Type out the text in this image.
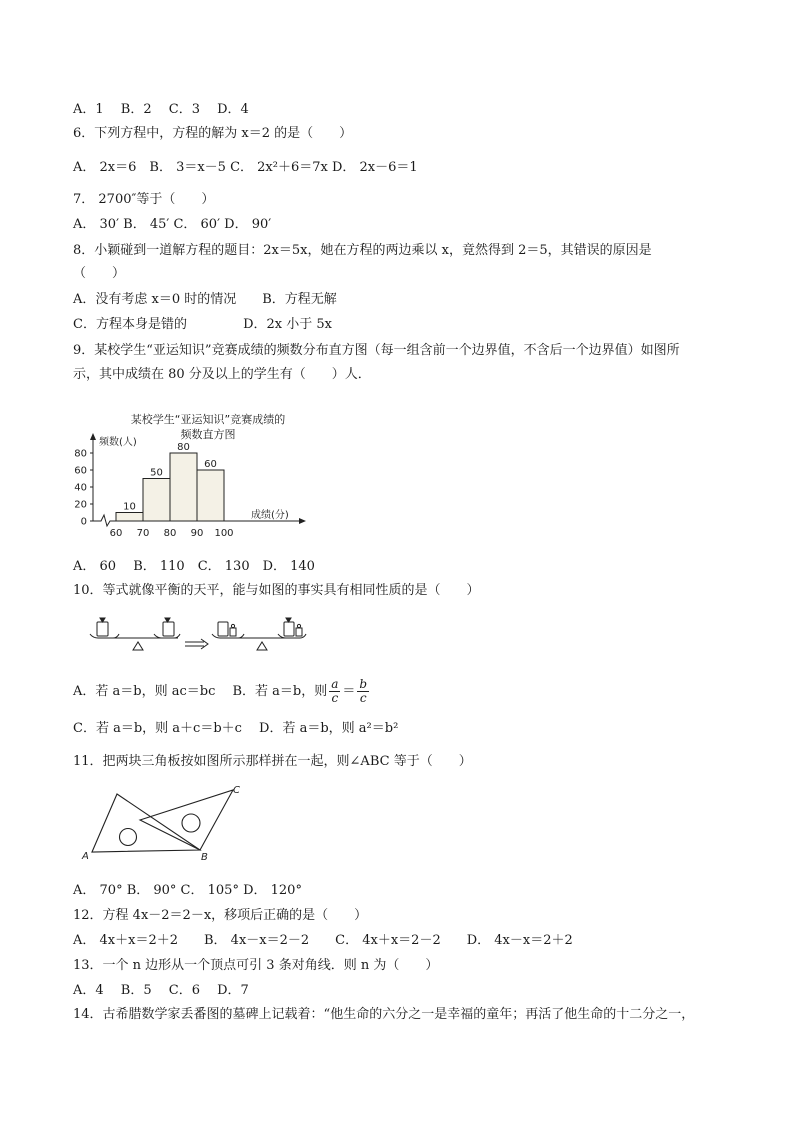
A．1　 B．2　 C．3　 D．4
6．下列方程中，方程的解为 x＝2 的是（　　）
A． 2x＝6　B． 3＝x－5 C． 2x²＋6＝7x D． 2x－6＝1
7． 2700″等于（　　）
A． 30′ B． 45′ C． 60′ D． 90′
8．小颖碰到一道解方程的题目：2x＝5x，她在方程的两边乘以 x，竟然得到 2＝5，其错误的原因是
（　　）
A．没有考虑 x＝0 时的情况　　B．方程无解
C．方程本身是错的　　　　 D．2x 小于 5x
9．某校学生“亚运知识”竞赛成绩的频数分布直方图（每一组含前一个边界值，不含后一个边界值）如图所
示，其中成绩在 80 分及以上的学生有（　　）人．
某校学生“亚运知识”竞赛成绩的
频数直方图
频数(人)
成绩(分)
0
20
40
60
80
60 70 80 90 100
10
50
80
60
A． 60　 B． 110　C． 130　D． 140
10．等式就像平衡的天平，能与如图的事实具有相同性质的是（　　）
A．若 a＝b，则 ac＝bc　 B．若 a＝b，则 $\frac{a}{c} = \frac{b}{c}$
C．若 a＝b，则 a＋c＝b＋c　 D．若 a＝b，则 a²＝b²
11．把两块三角板按如图所示那样拼在一起，则∠ABC 等于（　　）
A	B
C
A． 70° B． 90° C． 105° D． 120°
12．方程 4x－2＝2－x，移项后正确的是（　　）
A． 4x＋x＝2＋2　　B． 4x－x＝2－2　　C． 4x＋x＝2－2　　D． 4x－x＝2＋2
13．一个 n 边形从一个顶点可引 3 条对角线．则 n 为（　　）
A．4　 B．5　 C．6　 D．7
14．古希腊数学家丢番图的墓碑上记载着：“他生命的六分之一是幸福的童年；再活了他生命的十二分之一，
